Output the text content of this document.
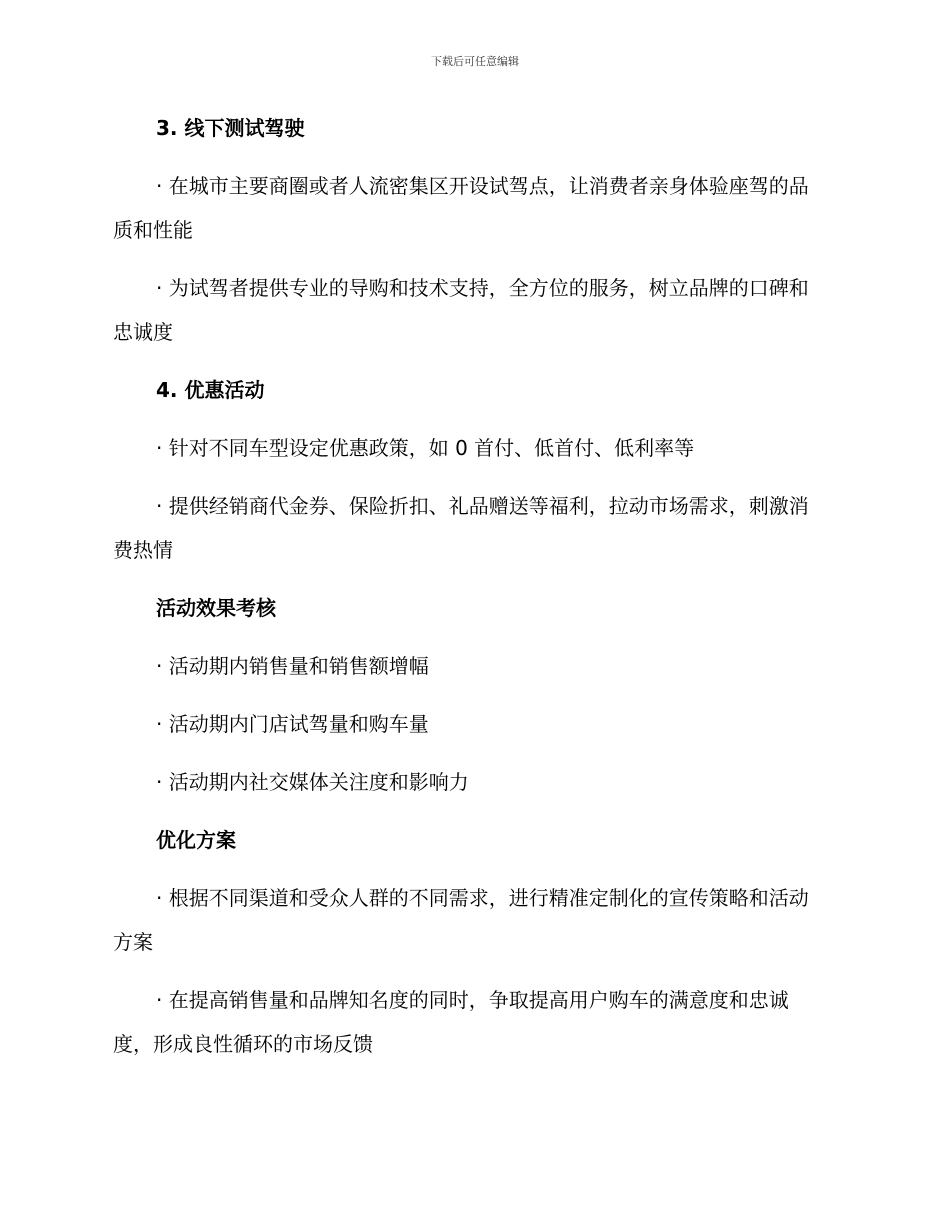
下载后可任意编辑

3. 线下测试驾驶

· 在城市主要商圈或者人流密集区开设试驾点，让消费者亲身体验座驾的品质和性能

· 为试驾者提供专业的导购和技术支持，全方位的服务，树立品牌的口碑和忠诚度

4. 优惠活动

· 针对不同车型设定优惠政策，如 0 首付、低首付、低利率等

· 提供经销商代金券、保险折扣、礼品赠送等福利，拉动市场需求，刺激消费热情

活动效果考核

· 活动期内销售量和销售额增幅

· 活动期内门店试驾量和购车量

· 活动期内社交媒体关注度和影响力

优化方案

· 根据不同渠道和受众人群的不同需求，进行精准定制化的宣传策略和活动方案

· 在提高销售量和品牌知名度的同时，争取提高用户购车的满意度和忠诚度，形成良性循环的市场反馈
